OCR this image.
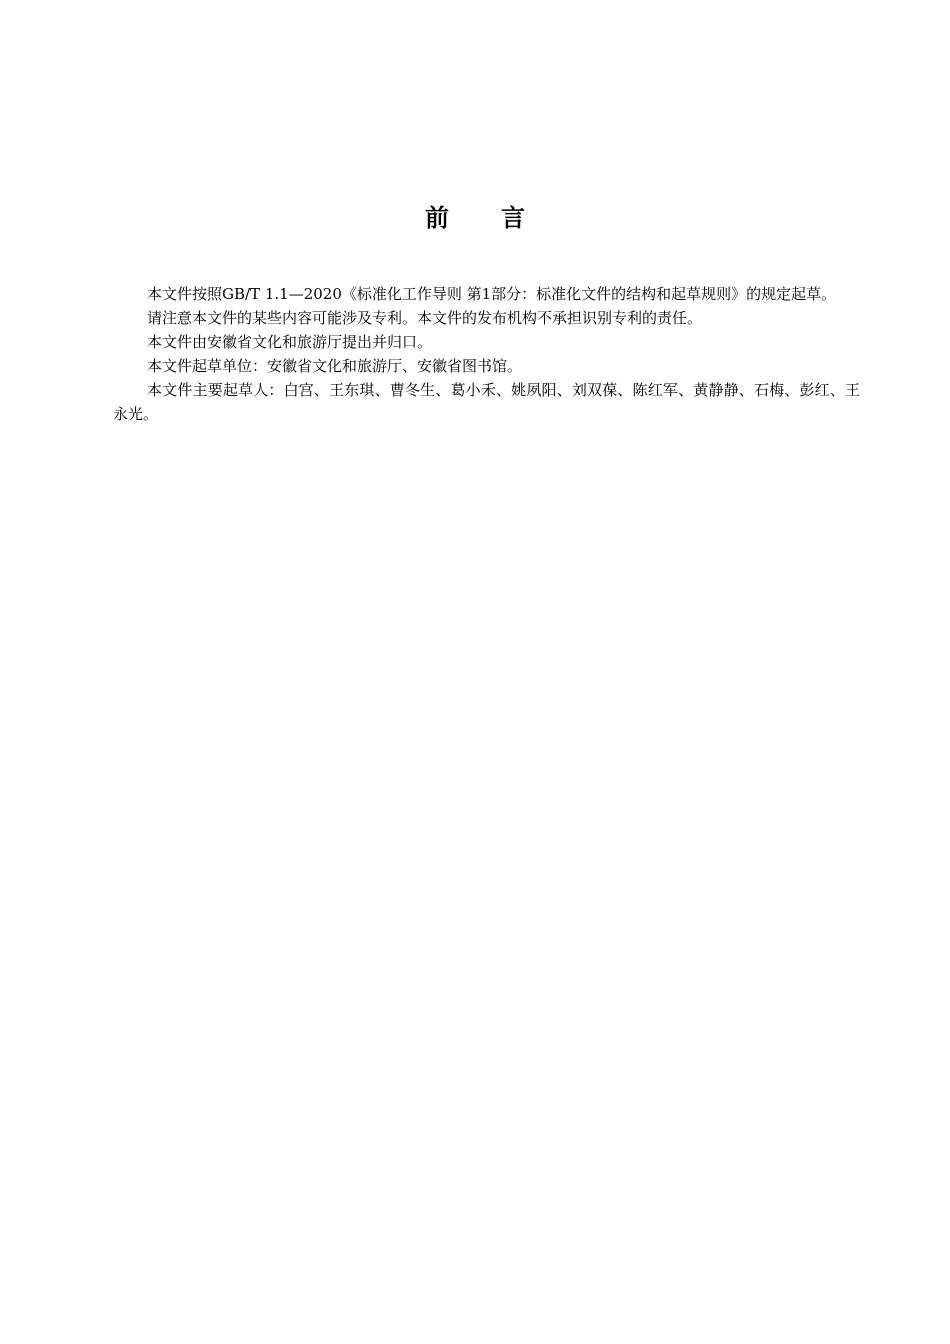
前 言

本文件按照GB/T 1.1—2020《标准化工作导则 第1部分：标准化文件的结构和起草规则》的规定起草。

请注意本文件的某些内容可能涉及专利。本文件的发布机构不承担识别专利的责任。

本文件由安徽省文化和旅游厅提出并归口。

本文件起草单位：安徽省文化和旅游厅、安徽省图书馆。

本文件主要起草人：白宫、王东琪、曹冬生、葛小禾、姚夙阳、刘双葆、陈红军、黄静静、石梅、彭红、王永光。
